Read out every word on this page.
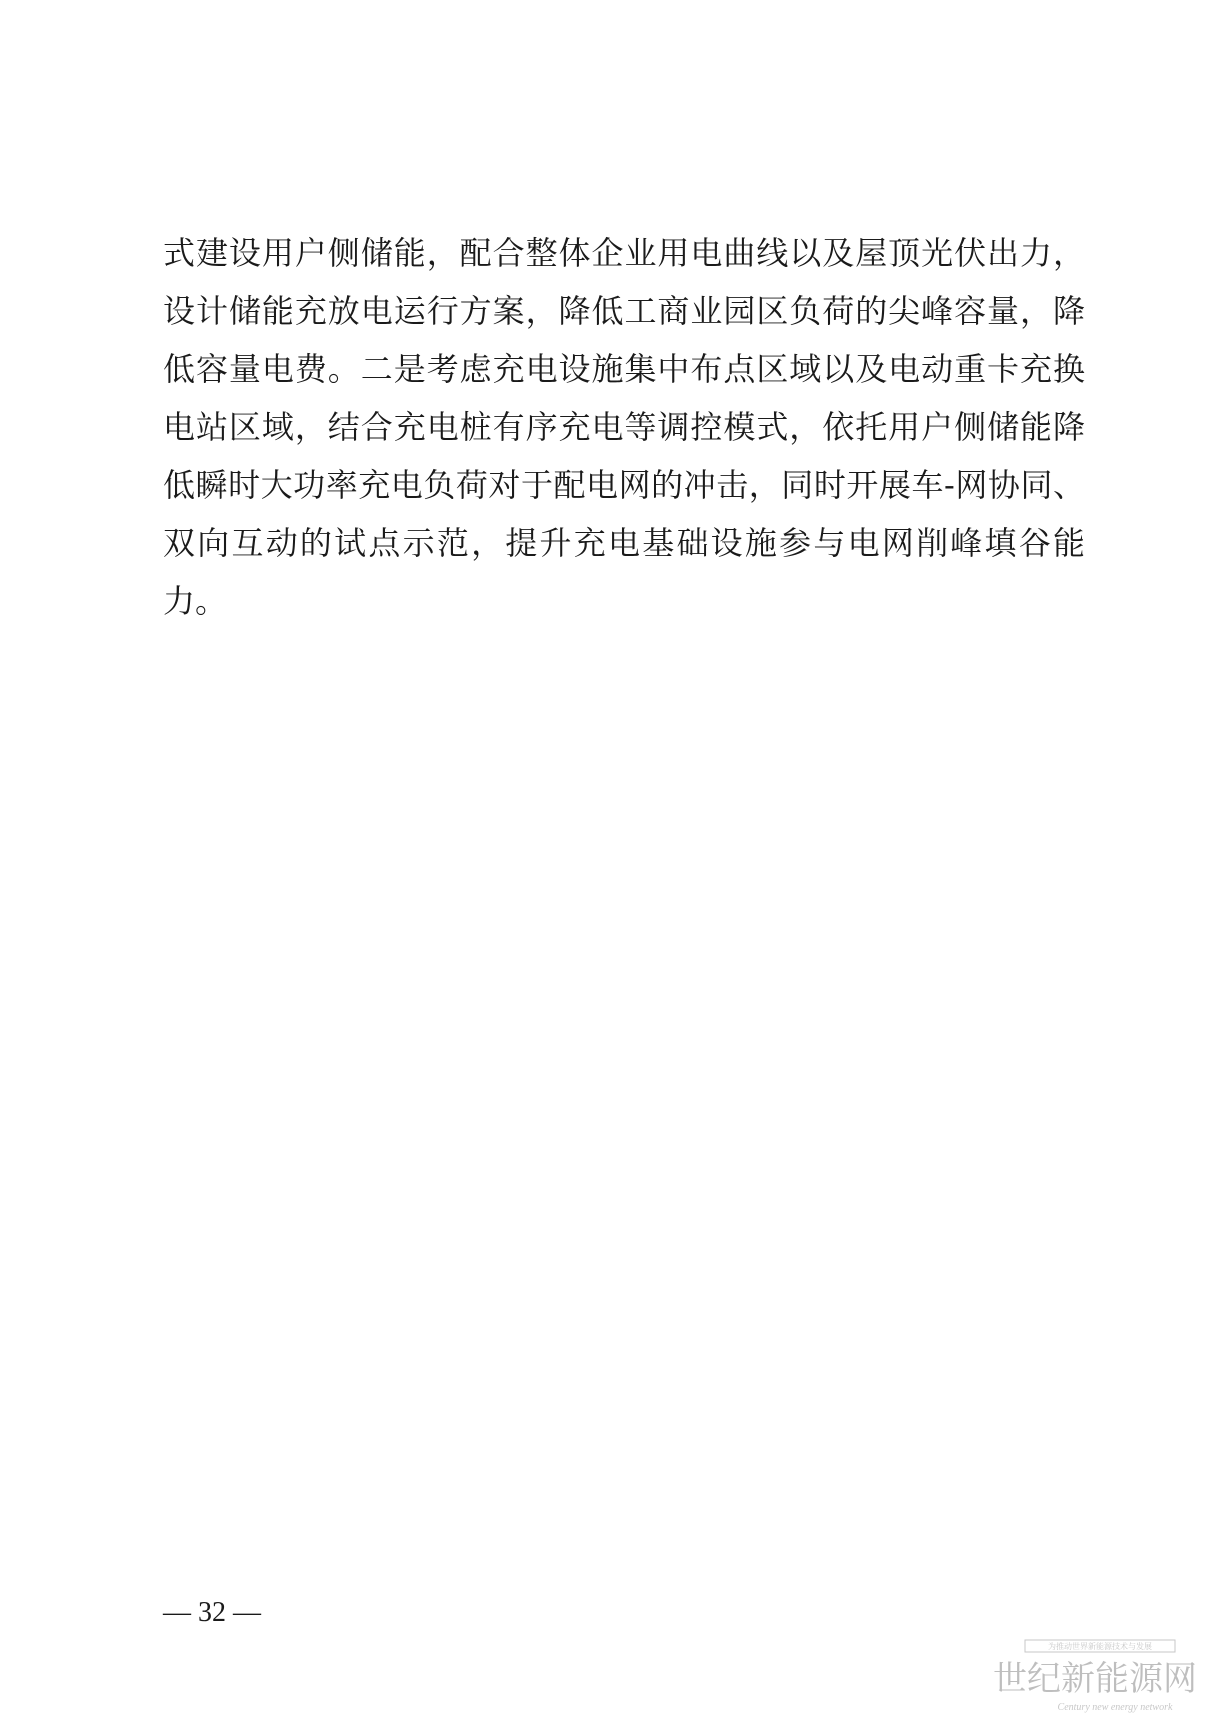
式建设用户侧储能，配合整体企业用电曲线以及屋顶光伏出力，
设计储能充放电运行方案，降低工商业园区负荷的尖峰容量，降
低容量电费。二是考虑充电设施集中布点区域以及电动重卡充换
电站区域，结合充电桩有序充电等调控模式，依托用户侧储能降
低瞬时大功率充电负荷对于配电网的冲击，同时开展车-网协同、
双向互动的试点示范，提升充电基础设施参与电网削峰填谷能
力。
— 32 —
为推动世界新能源技术与发展
世纪新能源网
Century new energy network
